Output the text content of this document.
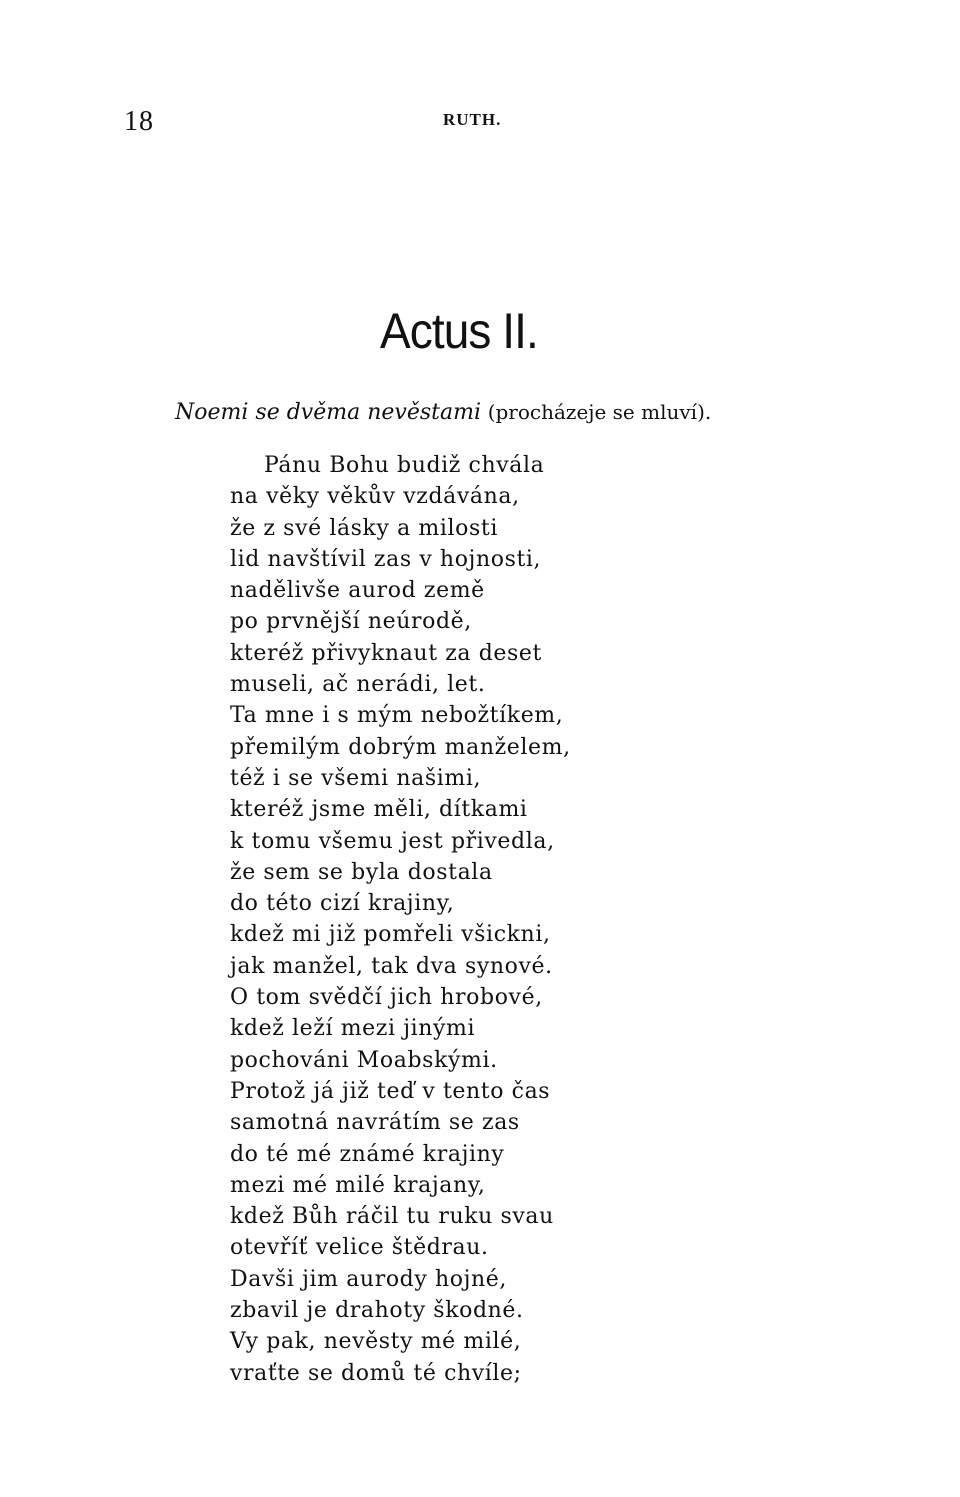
18	RUTH.
Actus II.
Noemi se dvěma nevěstami (procházeje se mluví).
Pánu Bohu budiž chvála
na věky věkův vzdávána,
že z své lásky a milosti
lid navštívil zas v hojnosti,
nadělivše aurod země
po prvnější neúrodě,
kteréž přivyknaut za deset
museli, ač nerádi, let.
Ta mne i s mým nebožtíkem,
přemilým dobrým manželem,
též i se všemi našimi,
kteréž jsme měli, dítkami
k tomu všemu jest přivedla,
že sem se byla dostala
do této cizí krajiny,
kdež mi již pomřeli všickni,
jak manžel, tak dva synové.
O tom svědčí jich hrobové,
kdež leží mezi jinými
pochováni Moabskými.
Protož já již teď v tento čas
samotná navrátím se zas
do té mé známé krajiny
mezi mé milé krajany,
kdež Bůh ráčil tu ruku svau
otevříť velice štědrau.
Davši jim aurody hojné,
zbavil je drahoty škodné.
Vy pak, nevěsty mé milé,
vraťte se domů té chvíle;
